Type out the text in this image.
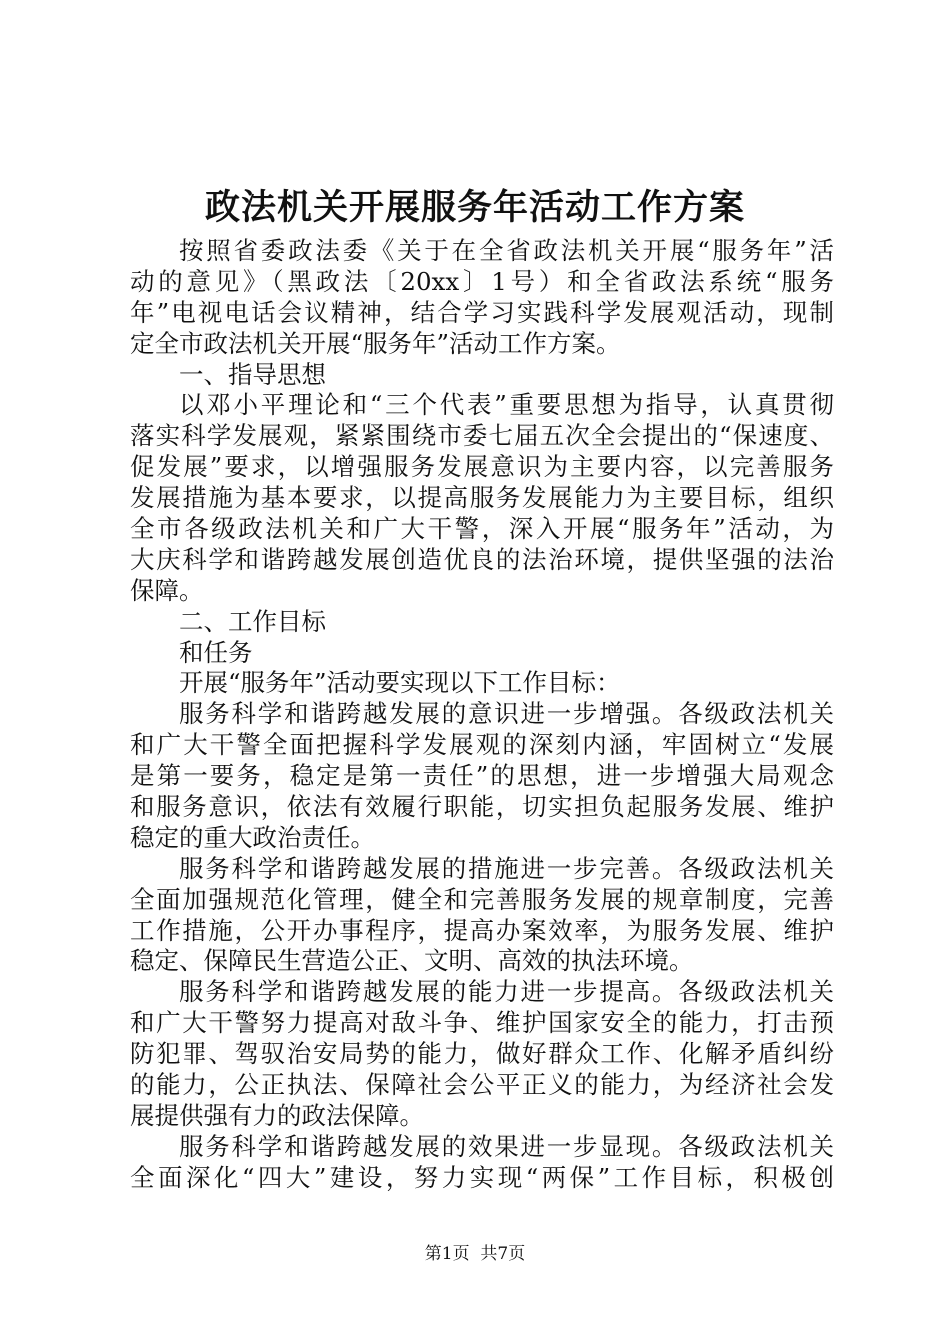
政法机关开展服务年活动工作方案
按照省委政法委《关于在全省政法机关开展“服务年”活
动的意见》（黑政法〔20xx〕1号）和全省政法系统“服务
年”电视电话会议精神，结合学习实践科学发展观活动，现制
定全市政法机关开展“服务年”活动工作方案。
一、指导思想
以邓小平理论和“三个代表”重要思想为指导，认真贯彻
落实科学发展观，紧紧围绕市委七届五次全会提出的“保速度、
促发展”要求，以增强服务发展意识为主要内容，以完善服务
发展措施为基本要求，以提高服务发展能力为主要目标，组织
全市各级政法机关和广大干警，深入开展“服务年”活动，为
大庆科学和谐跨越发展创造优良的法治环境，提供坚强的法治
保障。
二、工作目标
和任务
开展“服务年”活动要实现以下工作目标：
服务科学和谐跨越发展的意识进一步增强。各级政法机关
和广大干警全面把握科学发展观的深刻内涵，牢固树立“发展
是第一要务，稳定是第一责任”的思想，进一步增强大局观念
和服务意识，依法有效履行职能，切实担负起服务发展、维护
稳定的重大政治责任。
服务科学和谐跨越发展的措施进一步完善。各级政法机关
全面加强规范化管理，健全和完善服务发展的规章制度，完善
工作措施，公开办事程序，提高办案效率，为服务发展、维护
稳定、保障民生营造公正、文明、高效的执法环境。
服务科学和谐跨越发展的能力进一步提高。各级政法机关
和广大干警努力提高对敌斗争、维护国家安全的能力，打击预
防犯罪、驾驭治安局势的能力，做好群众工作、化解矛盾纠纷
的能力，公正执法、保障社会公平正义的能力，为经济社会发
展提供强有力的政法保障。
服务科学和谐跨越发展的效果进一步显现。各级政法机关
全面深化“四大”建设，努力实现“两保”工作目标，积极创
第1页  共7页
